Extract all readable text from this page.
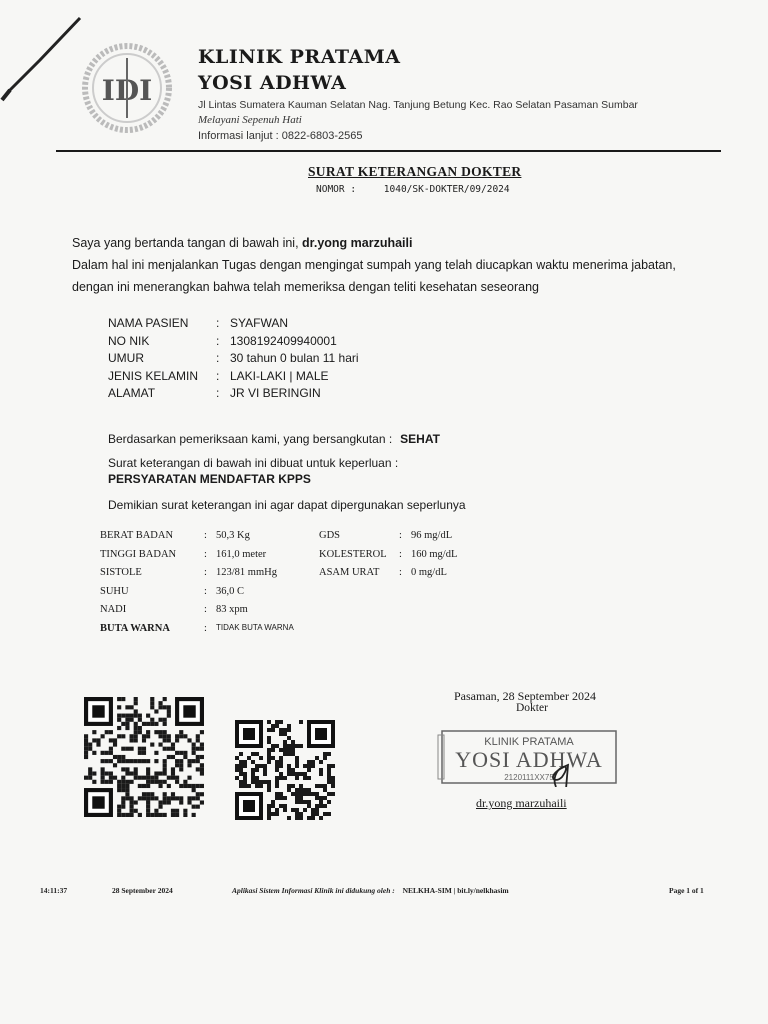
IDI
KLINIK PRATAMA
YOSI ADHWA
Jl Lintas Sumatera Kauman Selatan Nag. Tanjung Betung Kec. Rao Selatan Pasaman Sumbar
Melayani Sepenuh Hati
Informasi lanjut : 0822-6803-2565
SURAT KETERANGAN DOKTER
NOMOR :	1040/SK-DOKTER/09/2024
Saya yang bertanda tangan di bawah ini, dr.yong marzuhaili
Dalam hal ini menjalankan Tugas dengan mengingat sumpah yang telah diucapkan waktu menerima jabatan,
dengan ini menerangkan bahwa telah memeriksa dengan teliti kesehatan seseorang
NAMA PASIEN	: SYAFWAN
NO NIK	: 1308192409940001
UMUR	: 30 tahun 0 bulan 11 hari
JENIS KELAMIN	: LAKI-LAKI | MALE
ALAMAT	: JR VI BERINGIN
Berdasarkan pemeriksaan kami, yang bersangkutan : SEHAT
Surat keterangan di bawah ini dibuat untuk keperluan :
PERSYARATAN MENDAFTAR KPPS
Demikian surat keterangan ini agar dapat dipergunakan seperlunya
BERAT BADAN	: 50,3 Kg	GDS	: 96 mg/dL
TINGGI BADAN	: 161,0 meter	KOLESTEROL	: 160 mg/dL
SISTOLE	: 123/81 mmHg	ASAM URAT	: 0 mg/dL
SUHU	: 36,0 C
NADI	: 83 xpm
BUTA WARNA	:	TIDAK BUTA WARNA
Pasaman, 28 September 2024
Dokter
KLINIK PRATAMA
YOSI ADHWA
2120111XX75
dr.yong marzuhaili
14:11:37	28 September 2024	Aplikasi Sistem Informasi Klinik ini didukung oleh : NELKHA-SIM | bit.ly/nelkhasim	Page 1 of 1
